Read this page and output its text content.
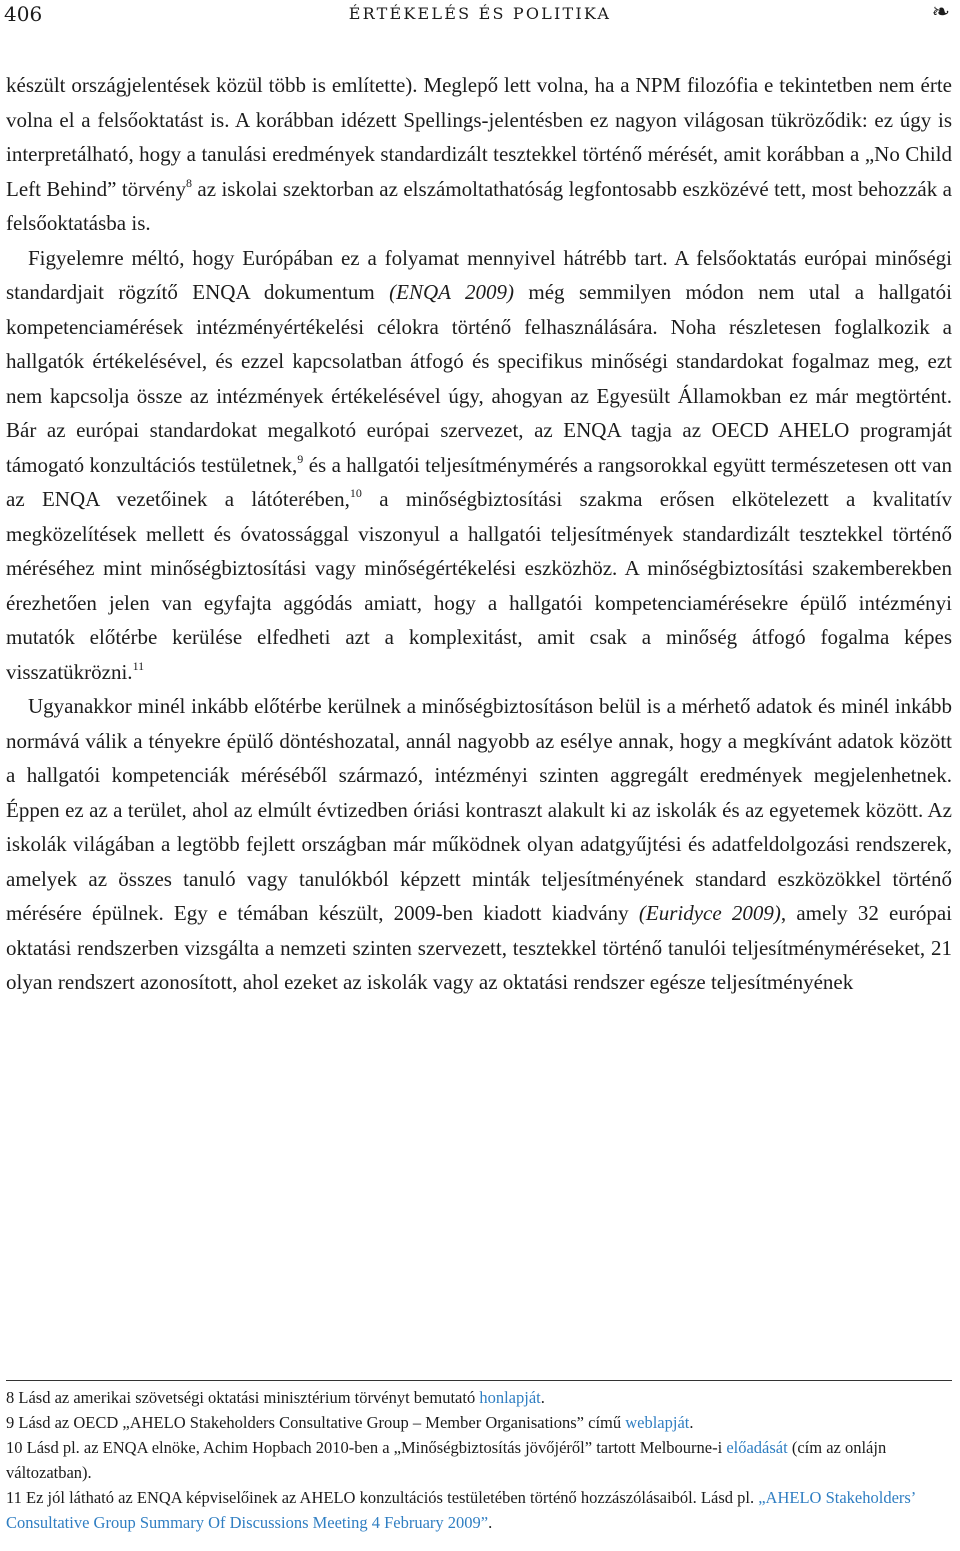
406	ÉRTÉKELÉS ÉS POLITIKA	❧

készült országjelentések közül több is említette). Meglepő lett volna, ha a NPM filozófia e tekintetben nem érte volna el a felsőoktatást is. A korábban idézett Spellings-jelentésben ez nagyon világosan tükröződik: ez úgy is interpretálható, hogy a tanulási eredmények standardizált tesztekkel történő mérését, amit korábban a „No Child Left Behind” törvény$^8$ az iskolai szektorban az elszámoltathatóság legfontosabb eszközévé tett, most behozzák a felsőoktatásba is.

Figyelemre méltó, hogy Európában ez a folyamat mennyivel hátrébb tart. A felsőoktatás európai minőségi standardjait rögzítő ENQA dokumentum (ENQA 2009) még semmilyen módon nem utal a hallgatói kompetenciamérések intézményértékelési célokra történő felhasználására. Noha részletesen foglalkozik a hallgatók értékelésével, és ezzel kapcsolatban átfogó és specifikus minőségi standardokat fogalmaz meg, ezt nem kapcsolja össze az intézmények értékelésével úgy, ahogyan az Egyesült Államokban ez már megtörtént. Bár az európai standardokat megalkotó európai szervezet, az ENQA tagja az OECD AHELO programját támogató konzultációs testületnek,$^9$ és a hallgatói teljesítménymérés a rangsorokkal együtt természetesen ott van az ENQA vezetőinek a látóterében,$^{10}$ a minőségbiztosítási szakma erősen elkötelezett a kvalitatív megközelítések mellett és óvatossággal viszonyul a hallgatói teljesítmények standardizált tesztekkel történő méréséhez mint minőségbiztosítási vagy minőségértékelési eszközhöz. A minőségbiztosítási szakemberekben érezhetően jelen van egyfajta aggódás amiatt, hogy a hallgatói kompetenciamérésekre épülő intézményi mutatók előtérbe kerülése elfedheti azt a komplexitást, amit csak a minőség átfogó fogalma képes visszatükrözni.$^{11}$

Ugyanakkor minél inkább előtérbe kerülnek a minőségbiztosításon belül is a mérhető adatok és minél inkább normává válik a tényekre épülő döntéshozatal, annál nagyobb az esélye annak, hogy a megkívánt adatok között a hallgatói kompetenciák méréséből származó, intézményi szinten aggregált eredmények megjelenhetnek. Éppen ez az a terület, ahol az elmúlt évtizedben óriási kontraszt alakult ki az iskolák és az egyetemek között. Az iskolák világában a legtöbb fejlett országban már működnek olyan adatgyűjtési és adatfeldolgozási rendszerek, amelyek az összes tanuló vagy tanulókból képzett minták teljesítményének standard eszközökkel történő mérésére épülnek. Egy e témában készült, 2009-ben kiadott kiadvány (Euridyce 2009), amely 32 európai oktatási rendszerben vizsgálta a nemzeti szinten szervezett, tesztekkel történő tanulói teljesítményméréseket, 21 olyan rendszert azonosított, ahol ezeket az iskolák vagy az oktatási rendszer egésze teljesítményének

8 Lásd az amerikai szövetségi oktatási minisztérium törvényt bemutató honlapját.

9 Lásd az OECD „AHELO Stakeholders Consultative Group – Member Organisations” című weblapját.

10 Lásd pl. az ENQA elnöke, Achim Hopbach 2010-ben a „Minőségbiztosítás jövőjéről” tartott Melbourne-i előadását (cím az onlájn változatban).

11 Ez jól látható az ENQA képviselőinek az AHELO konzultációs testületében történő hozzászólásaiból. Lásd pl. „AHELO Stakeholders’ Consultative Group Summary Of Discussions Meeting 4 February 2009”.
